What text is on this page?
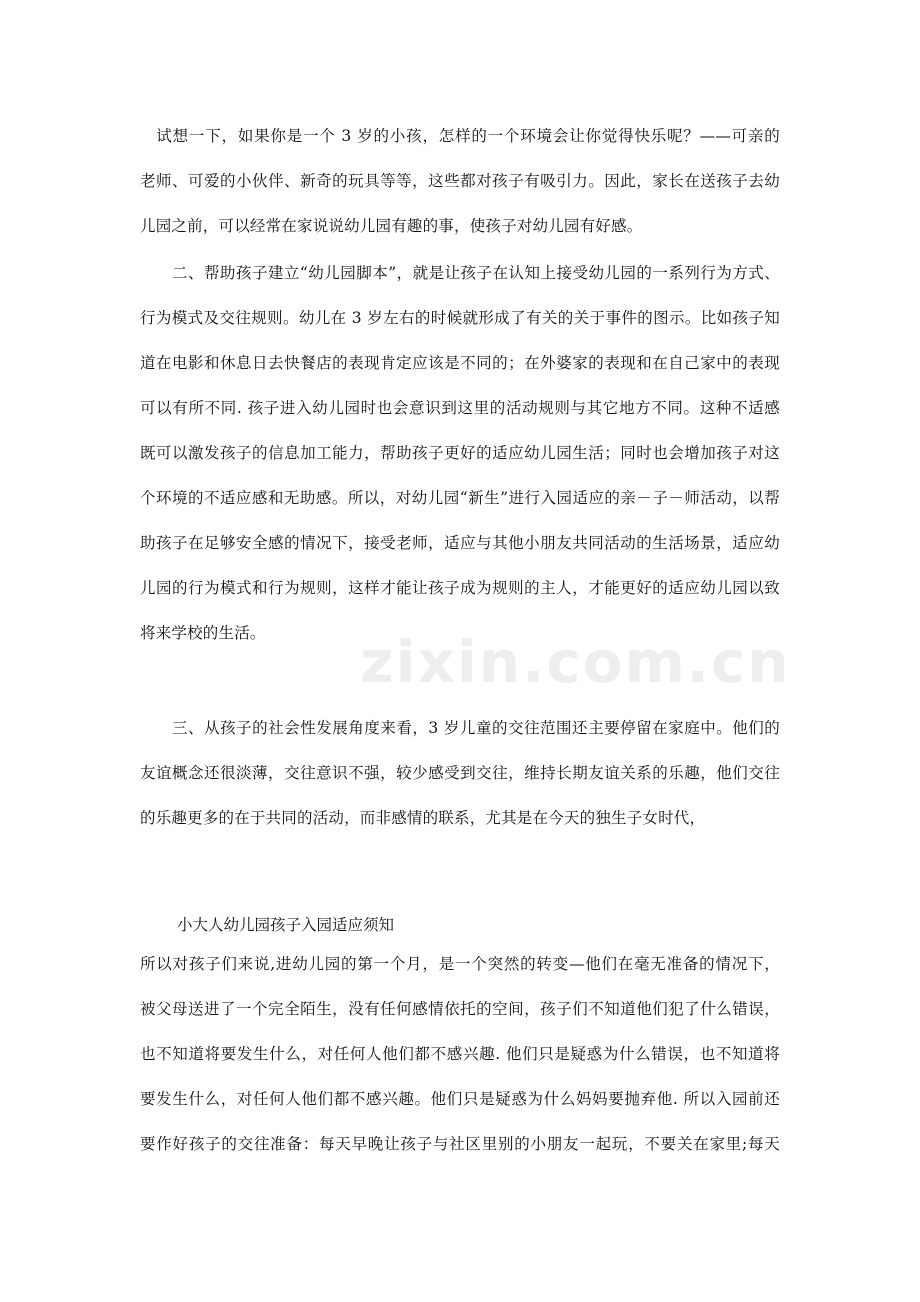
　试想一下，如果你是一个 3 岁的小孩，怎样的一个环境会让你觉得快乐呢？——可亲的
老师、可爱的小伙伴、新奇的玩具等等，这些都对孩子有吸引力。因此，家长在送孩子去幼
儿园之前，可以经常在家说说幼儿园有趣的事，使孩子对幼儿园有好感。

　　二、帮助孩子建立“幼儿园脚本”，就是让孩子在认知上接受幼儿园的一系列行为方式、
行为模式及交往规则。幼儿在 3 岁左右的时候就形成了有关的关于事件的图示。比如孩子知
道在电影和休息日去快餐店的表现肯定应该是不同的；在外婆家的表现和在自己家中的表现
可以有所不同. 孩子进入幼儿园时也会意识到这里的活动规则与其它地方不同。这种不适感
既可以激发孩子的信息加工能力，帮助孩子更好的适应幼儿园生活；同时也会增加孩子对这
个环境的不适应感和无助感。所以，对幼儿园“新生”进行入园适应的亲－子－师活动，以帮
助孩子在足够安全感的情况下，接受老师，适应与其他小朋友共同活动的生活场景，适应幼
儿园的行为模式和行为规则，这样才能让孩子成为规则的主人，才能更好的适应幼儿园以致
将来学校的生活。

　　三、从孩子的社会性发展角度来看，3 岁儿童的交往范围还主要停留在家庭中。他们的
友谊概念还很淡薄，交往意识不强，较少感受到交往，维持长期友谊关系的乐趣，他们交往
的乐趣更多的在于共同的活动，而非感情的联系，尤其是在今天的独生子女时代，

小大人幼儿园孩子入园适应须知

所以对孩子们来说,进幼儿园的第一个月，是一个突然的转变—他们在毫无准备的情况下，
被父母送进了一个完全陌生，没有任何感情依托的空间，孩子们不知道他们犯了什么错误，
也不知道将要发生什么，对任何人他们都不感兴趣. 他们只是疑惑为什么错误，也不知道将
要发生什么，对任何人他们都不感兴趣。他们只是疑惑为什么妈妈要抛弃他. 所以入园前还
要作好孩子的交往准备：每天早晚让孩子与社区里别的小朋友一起玩，不要关在家里;每天

zixin.com.cn
